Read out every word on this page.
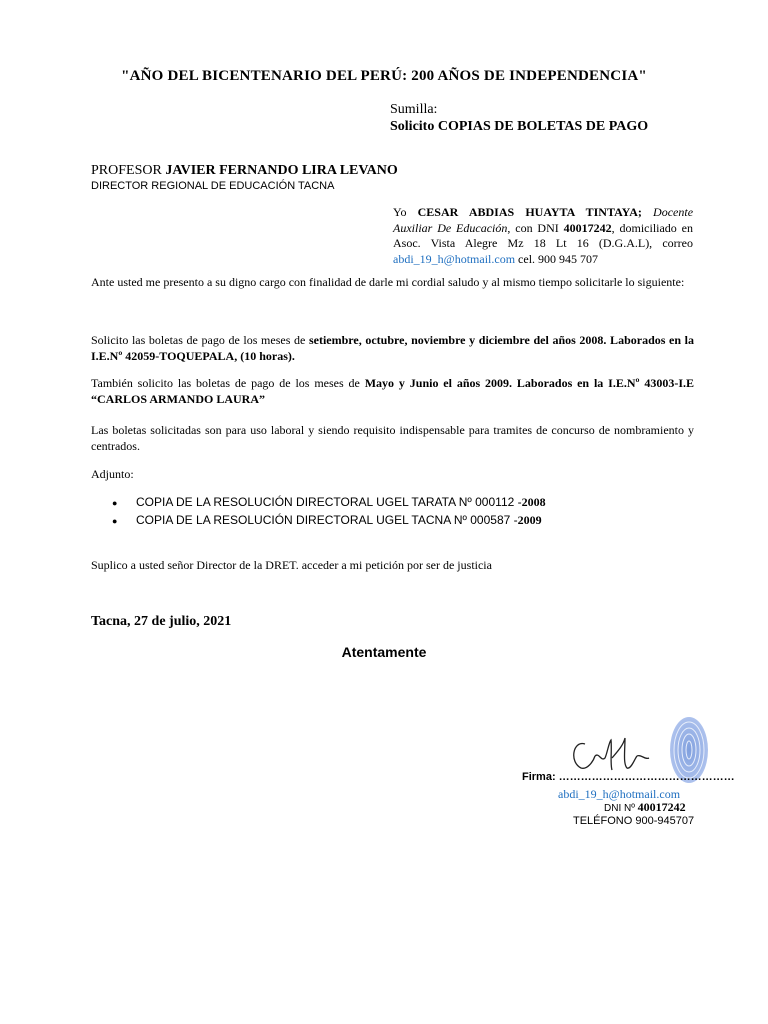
"AÑO DEL BICENTENARIO DEL PERÚ: 200 AÑOS DE INDEPENDENCIA"
Sumilla:
Solicito COPIAS DE BOLETAS DE PAGO
PROFESOR JAVIER FERNANDO LIRA LEVANO
DIRECTOR REGIONAL DE EDUCACIÓN TACNA
Yo CESAR ABDIAS HUAYTA TINTAYA; Docente Auxiliar De Educación, con DNI 40017242, domiciliado en Asoc. Vista Alegre Mz 18 Lt 16 (D.G.A.L), correo abdi_19_h@hotmail.com cel. 900 945 707
Ante usted me presento a su digno cargo con finalidad de darle mi cordial saludo y al mismo tiempo solicitarle lo siguiente:
Solicito las boletas de pago de los meses de setiembre, octubre, noviembre y diciembre del años 2008. Laborados en la I.E.Nº 42059-TOQUEPALA, (10 horas).
También solicito las boletas de pago de los meses de Mayo y Junio el años 2009. Laborados en la I.E.Nº 43003-I.E “CARLOS ARMANDO LAURA”
Las boletas solicitadas son para uso laboral y siendo requisito indispensable para tramites de concurso de nombramiento y centrados.
Adjunto:
●	COPIA DE LA RESOLUCIÓN DIRECTORAL UGEL TARATA Nº 000112 - 2008
●	COPIA DE LA RESOLUCIÓN DIRECTORAL UGEL TACNA Nº 000587 - 2009
Suplico a usted señor Director de la DRET. acceder a mi petición por ser de justicia
Tacna, 27 de julio, 2021
Atentamente
Firma: …………………………………………
abdi_19_h@hotmail.com
DNI Nº 40017242
TELÉFONO 900-945707
